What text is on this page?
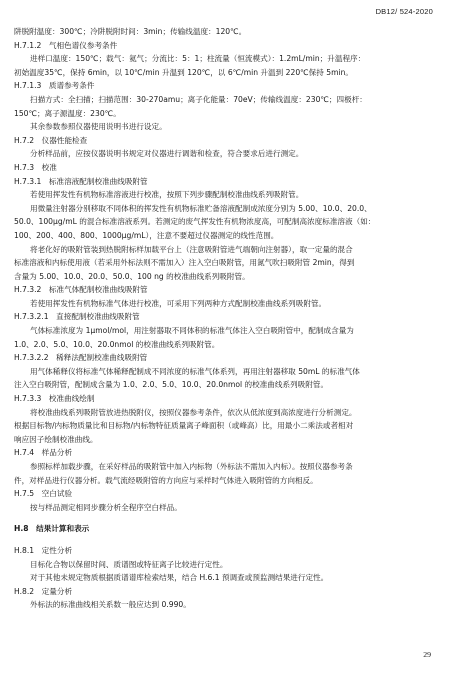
DB12/ 524-2020
阱脱附温度：300℃；冷阱脱附时间：3min；传输线温度：120℃。
H.7.1.2　气相色谱仪参考条件
进样口温度：150℃；载气：氦气；分流比：5：1；柱流量（恒流模式）：1.2mL/min；升温程序：
初始温度35℃，保持 6min，以 10℃/min 升温到 120℃，以 6℃/min 升温到 220℃保持 5min。
H.7.1.3　质谱参考条件
扫描方式：全扫描；扫描范围：30-270amu；离子化能量：70eV；传输线温度：230℃；四极杆：
150℃；离子源温度：230℃。
其余参数参照仪器使用说明书进行设定。
H.7.2　仪器性能检查
分析样品前，应按仪器说明书规定对仪器进行调谐和检查，符合要求后进行测定。
H.7.3　校准
H.7.3.1　标准溶液配制校准曲线吸附管
若使用挥发性有机物标准溶液进行校准，按照下列步骤配制校准曲线系列吸附管。
用微量注射器分别移取不同体积的挥发性有机物标准贮备溶液配制成浓度分别为 5.00、10.0、20.0、
50.0、100μg/mL 的混合标准溶液系列。若测定的废气挥发性有机物浓度高，可配制高浓度标准溶液（如：
100、200、400、800、1000μg/mL），注意不要超过仪器测定的线性范围。
将老化好的吸附管装到热脱附标样加载平台上（注意吸附管进气端朝向注射器），取一定量的混合
标准溶液和内标使用液（若采用外标法则不需加入）注入空白吸附管，用氮气吹扫吸附管 2min，得到
含量为 5.00、10.0、20.0、50.0、100 ng 的校准曲线系列吸附管。
H.7.3.2　标准气体配制校准曲线吸附管
若使用挥发性有机物标准气体进行校准，可采用下列两种方式配制校准曲线系列吸附管。
H.7.3.2.1　直接配制校准曲线吸附管
气体标准浓度为 1μmol/mol，用注射器取不同体积的标准气体注入空白吸附管中，配制成含量为
1.0、2.0、5.0、10.0、20.0nmol 的校准曲线系列吸附管。
H.7.3.2.2　稀释法配制校准曲线吸附管
用气体稀释仪将标准气体稀释配制成不同浓度的标准气体系列，再用注射器移取 50mL 的标准气体
注入空白吸附管，配制成含量为 1.0、2.0、5.0、10.0、20.0nmol 的校准曲线系列吸附管。
H.7.3.3　校准曲线绘制
将校准曲线系列吸附管放进热脱附仪，按照仪器参考条件，依次从低浓度到高浓度进行分析测定。
根据目标物/内标物质量比和目标物/内标物特征质量离子峰面积（或峰高）比，用最小二乘法或者相对
响应因子绘制校准曲线。
H.7.4　样品分析
参照标样加载步骤，在采好样品的吸附管中加入内标物（外标法不需加入内标）。按照仪器参考条
件，对样品进行仪器分析。载气流经吸附管的方向应与采样时气体进入吸附管的方向相反。
H.7.5　空白试验
按与样品测定相同步骤分析全程序空白样品。
H.8　结果计算和表示
H.8.1　定性分析
目标化合物以保留时间、质谱图或特征离子比较进行定性。
对于其他未规定物质根据质谱谱库检索结果，结合 H.6.1 预调查或预监测结果进行定性。
H.8.2　定量分析
外标法的标准曲线相关系数一般应达到 0.990。
29
